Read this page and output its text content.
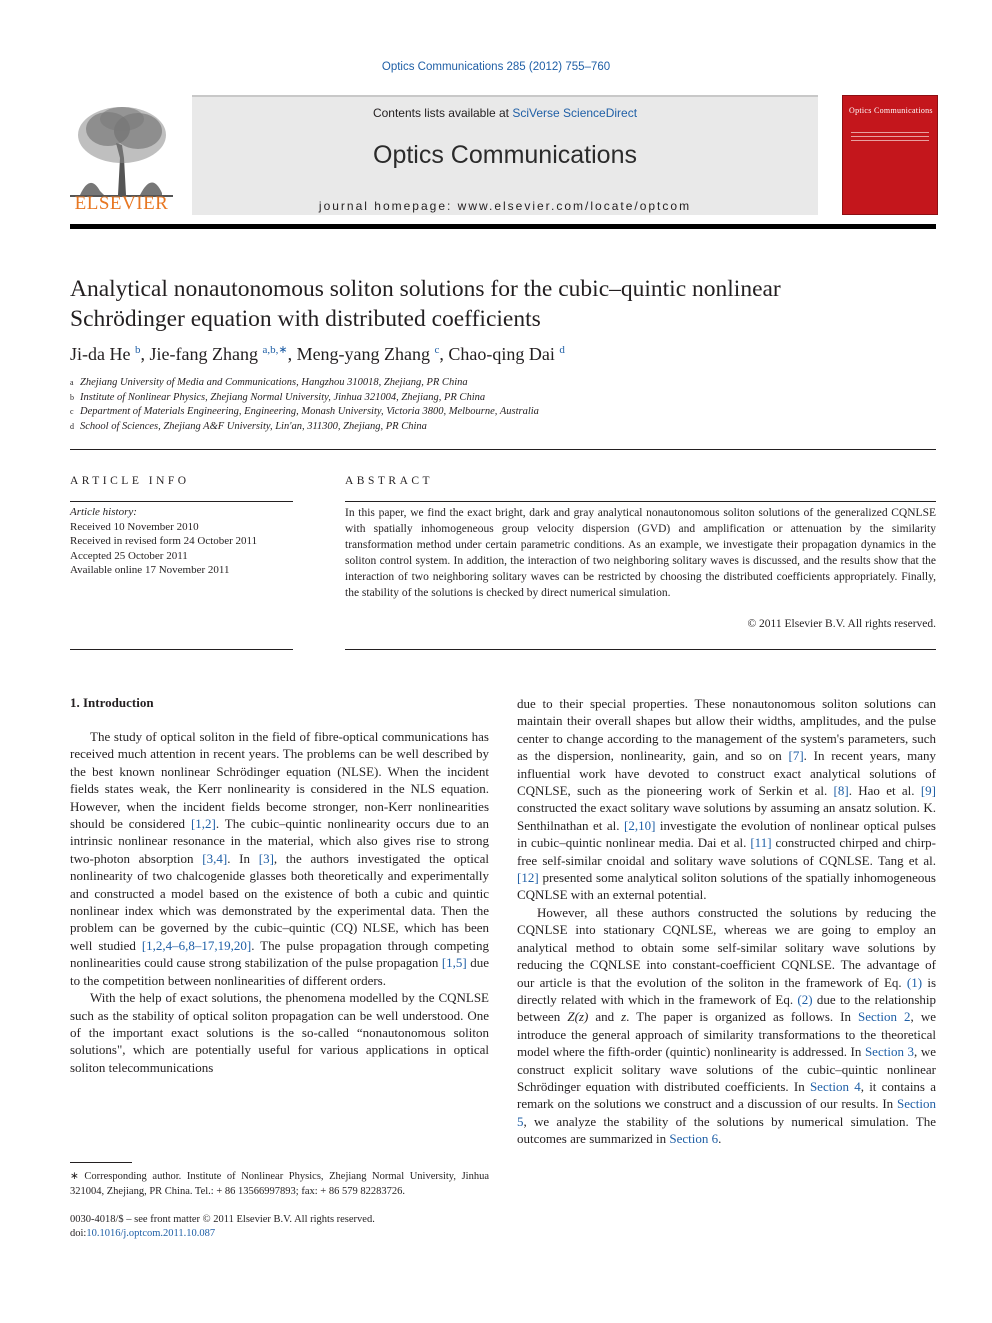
Optics Communications 285 (2012) 755–760
ELSEVIER
Contents lists available at SciVerse ScienceDirect
Optics Communications
journal homepage: www.elsevier.com/locate/optcom
Optics Communications
Analytical nonautonomous soliton solutions for the cubic–quintic nonlinear
Schrödinger equation with distributed coefficients
Ji-da He $^b$, Jie-fang Zhang $^{a,b,∗}$, Meng-yang Zhang $^c$, Chao-qing Dai $^d$
a Zhejiang University of Media and Communications, Hangzhou 310018, Zhejiang, PR China
b Institute of Nonlinear Physics, Zhejiang Normal University, Jinhua 321004, Zhejiang, PR China
c Department of Materials Engineering, Engineering, Monash University, Victoria 3800, Melbourne, Australia
d School of Sciences, Zhejiang A&F University, Lin'an, 311300, Zhejiang, PR China
ARTICLE INFO
Article history:
Received 10 November 2010
Received in revised form 24 October 2011
Accepted 25 October 2011
Available online 17 November 2011
ABSTRACT
In this paper, we find the exact bright, dark and gray analytical nonautonomous soliton solutions of the generalized CQNLSE with spatially inhomogeneous group velocity dispersion (GVD) and amplification or attenuation by the similarity transformation method under certain parametric conditions. As an example, we investigate their propagation dynamics in the soliton control system. In addition, the interaction of two neighboring solitary waves is discussed, and the results show that the interaction of two neighboring solitary waves can be restricted by choosing the distributed coefficients appropriately. Finally, the stability of the solutions is checked by direct numerical simulation.
© 2011 Elsevier B.V. All rights reserved.
1. Introduction

The study of optical soliton in the field of fibre-optical communications has received much attention in recent years. The problems can be well described by the best known nonlinear Schrödinger equation (NLSE). When the incident fields states weak, the Kerr nonlinearity is considered in the NLS equation. However, when the incident fields become stronger, non-Kerr nonlinearities should be considered [1,2]. The cubic–quintic nonlinearity occurs due to an intrinsic nonlinear resonance in the material, which also gives rise to strong two-photon absorption [3,4]. In [3], the authors investigated the optical nonlinearity of two chalcogenide glasses both theoretically and experimentally and constructed a model based on the existence of both a cubic and quintic nonlinear index which was demonstrated by the experimental data. Then the problem can be governed by the cubic–quintic (CQ) NLSE, which has been well studied [1,2,4–6,8–17,19,20]. The pulse propagation through competing nonlinearities could cause strong stabilization of the pulse propagation [1,5] due to the competition between nonlinearities of different orders.

With the help of exact solutions, the phenomena modelled by the CQNLSE such as the stability of optical soliton propagation can be well understood. One of the important exact solutions is the so-called “nonautonomous soliton solutions", which are potentially useful for various applications in optical soliton telecommunications

due to their special properties. These nonautonomous soliton solutions can maintain their overall shapes but allow their widths, amplitudes, and the pulse center to change according to the management of the system's parameters, such as the dispersion, nonlinearity, gain, and so on [7]. In recent years, many influential work have devoted to construct exact analytical solutions of CQNLSE, such as the pioneering work of Serkin et al. [8]. Hao et al. [9] constructed the exact solitary wave solutions by assuming an ansatz solution. K. Senthilnathan et al. [2,10] investigate the evolution of nonlinear optical pulses in cubic–quintic nonlinear media. Dai et al. [11] constructed chirped and chirp-free self-similar cnoidal and solitary wave solutions of CQNLSE. Tang et al. [12] presented some analytical soliton solutions of the spatially inhomogeneous CQNLSE with an external potential.

However, all these authors constructed the solutions by reducing the CQNLSE into stationary CQNLSE, whereas we are going to employ an analytical method to obtain some self-similar solitary wave solutions by reducing the CQNLSE into constant-coefficient CQNLSE. The advantage of our article is that the evolution of the soliton in the framework of Eq. (1) is directly related with which in the framework of Eq. (2) due to the relationship between Z(z) and z. The paper is organized as follows. In Section 2, we introduce the general approach of similarity transformations to the theoretical model where the fifth-order (quintic) nonlinearity is addressed. In Section 3, we construct explicit solitary wave solutions of the cubic–quintic nonlinear Schrödinger equation with distributed coefficients. In Section 4, it contains a remark on the solutions we construct and a discussion of our results. In Section 5, we analyze the stability of the solutions by numerical simulation. The outcomes are summarized in Section 6.

∗ Corresponding author. Institute of Nonlinear Physics, Zhejiang Normal University, Jinhua 321004, Zhejiang, PR China. Tel.: + 86 13566997893; fax: + 86 579 82283726.
0030-4018/$ – see front matter © 2011 Elsevier B.V. All rights reserved.
doi:10.1016/j.optcom.2011.10.087
